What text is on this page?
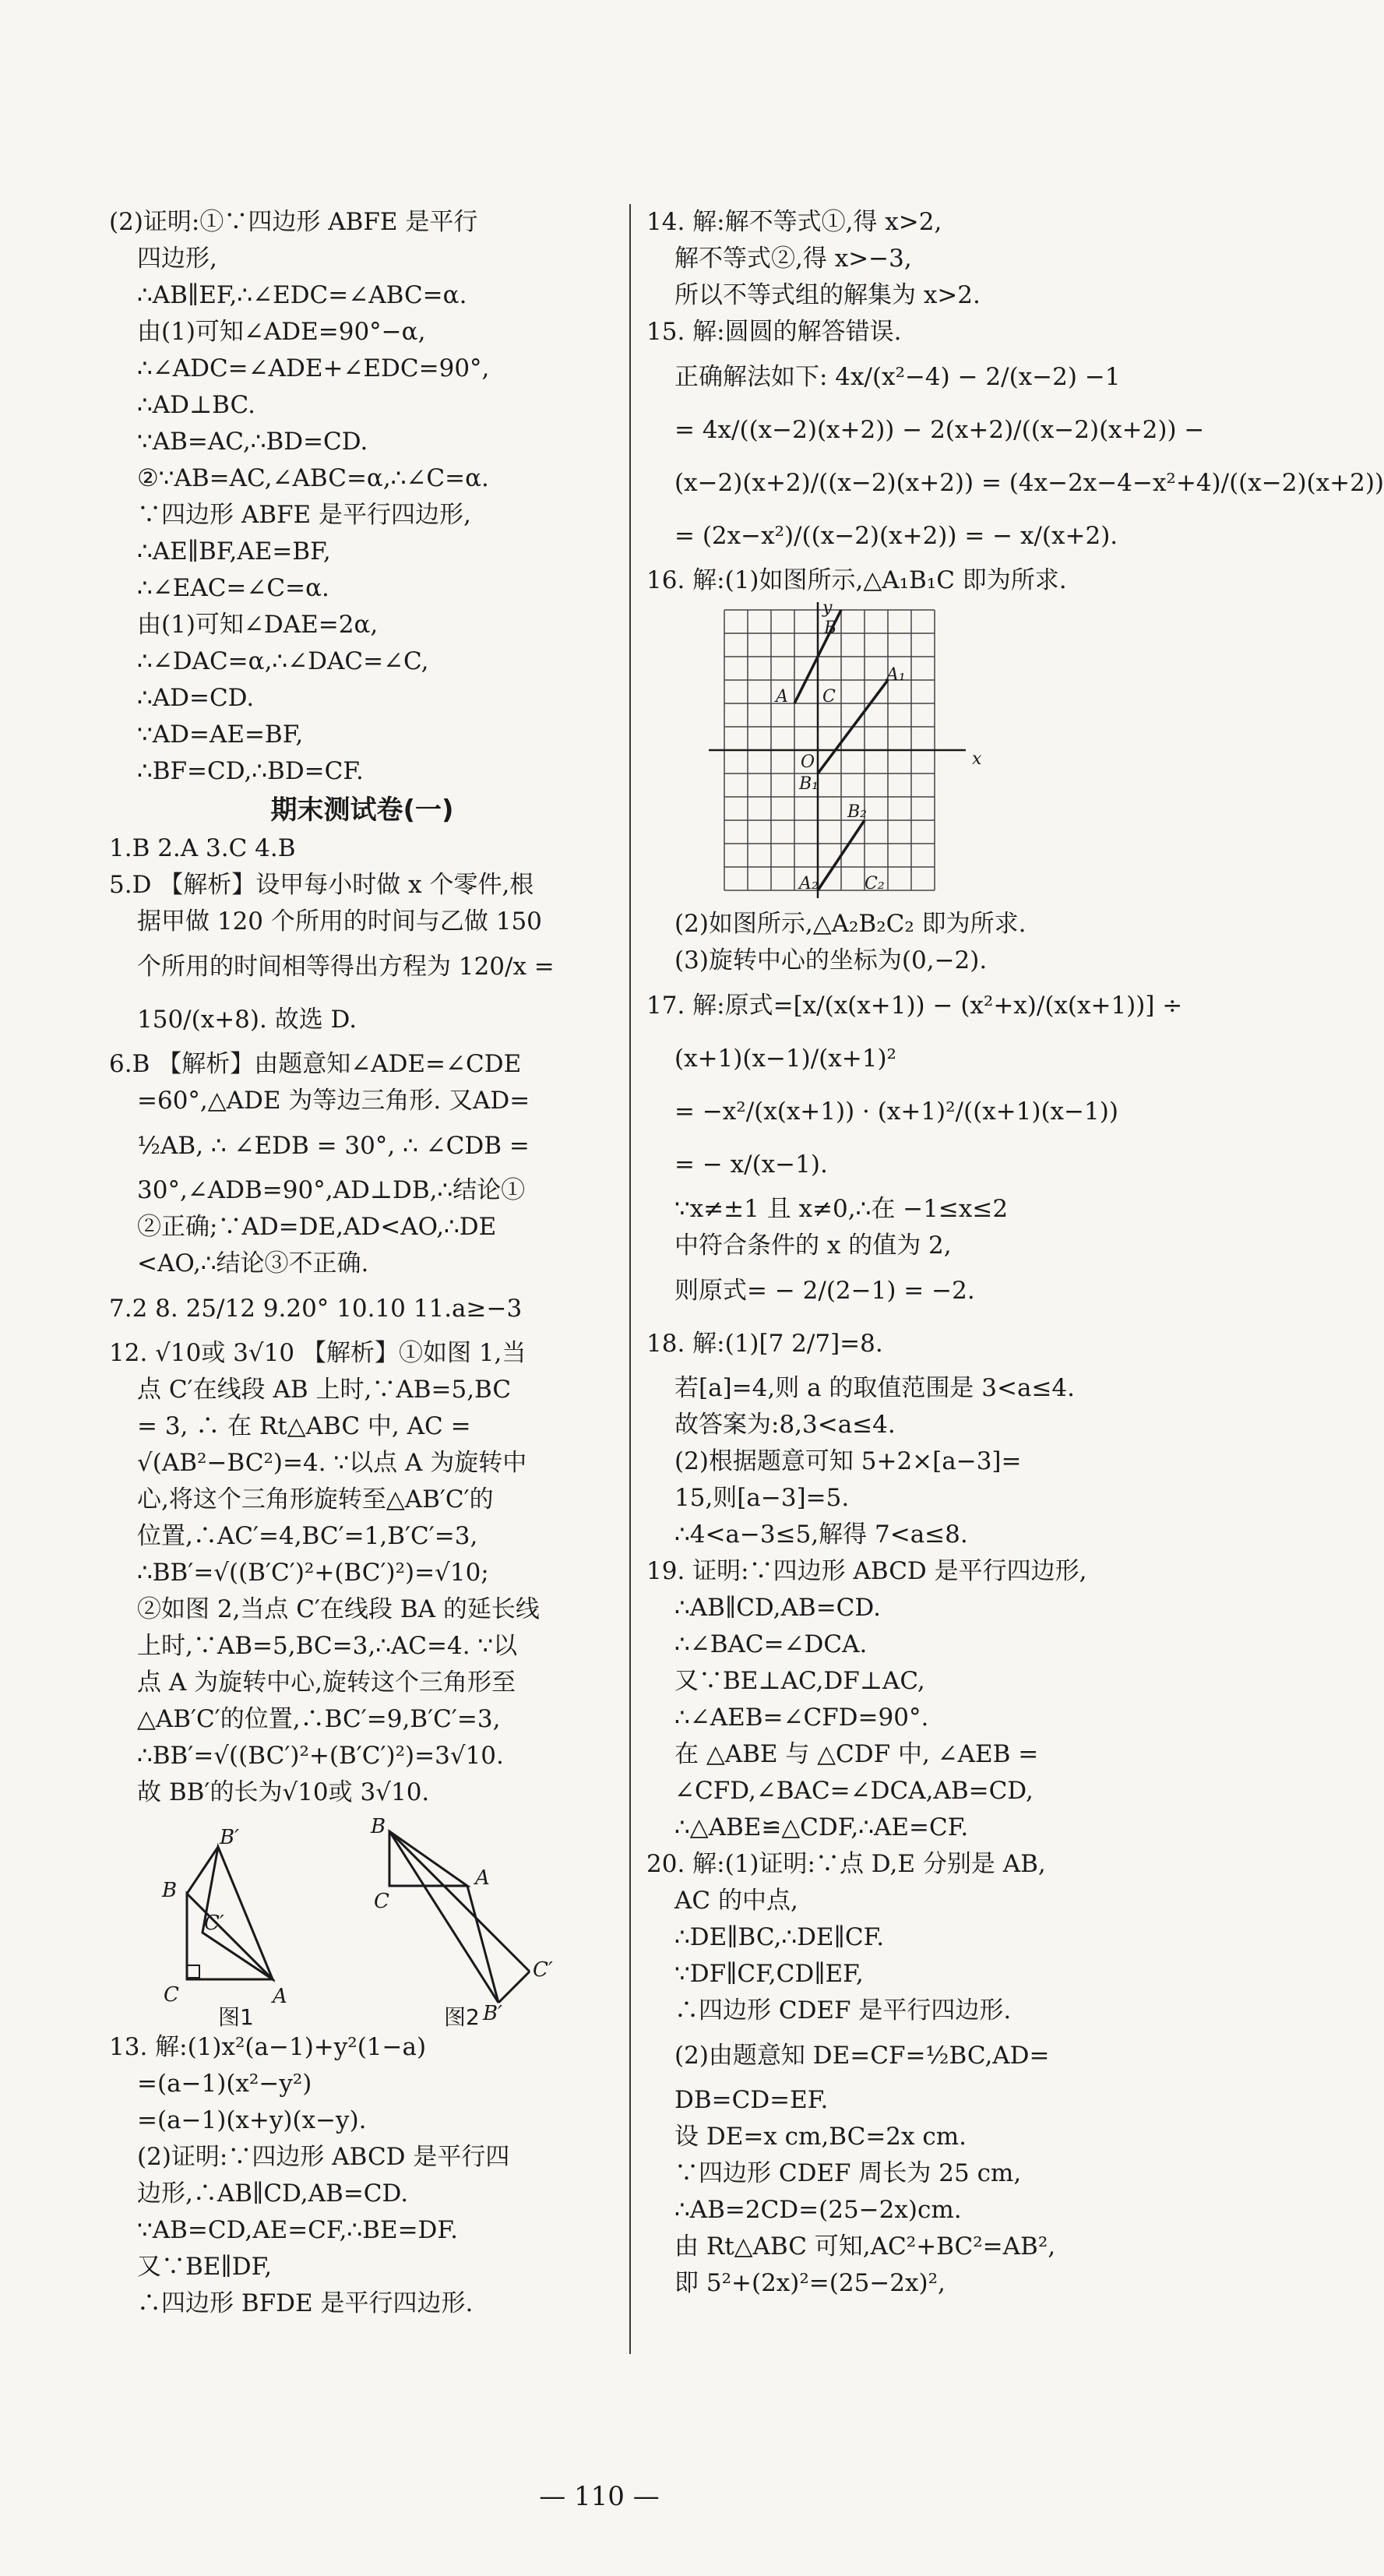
(2)证明:①∵四边形 ABFE 是平行
四边形,
∴AB∥EF,∴∠EDC=∠ABC=α.
由(1)可知∠ADE=90°−α,
∴∠ADC=∠ADE+∠EDC=90°,
∴AD⊥BC.
∵AB=AC,∴BD=CD.
②∵AB=AC,∠ABC=α,∴∠C=α.
∵四边形 ABFE 是平行四边形,
∴AE∥BF,AE=BF,
∴∠EAC=∠C=α.
由(1)可知∠DAE=2α,
∴∠DAC=α,∴∠DAC=∠C,
∴AD=CD.
∵AD=AE=BF,
∴BF=CD,∴BD=CF.
期末测试卷(一)
1.B 2.A 3.C 4.B
5.D 【解析】设甲每小时做 x 个零件,根
据甲做 120 个所用的时间与乙做 150
个所用的时间相等得出方程为 120/x =
150/(x+8). 故选 D.
6.B 【解析】由题意知∠ADE=∠CDE
=60°,△ADE 为等边三角形. 又AD=
½AB, ∴ ∠EDB = 30°, ∴ ∠CDB =
30°,∠ADB=90°,AD⊥DB,∴结论①
②正确;∵AD=DE,AD<AO,∴DE
<AO,∴结论③不正确.
7.2 8. 25/12 9.20° 10.10 11.a≥−3
12. √10或 3√10 【解析】①如图 1,当
点 C′在线段 AB 上时,∵AB=5,BC
= 3, ∴ 在 Rt△ABC 中, AC =
√(AB²−BC²)=4. ∵以点 A 为旋转中
心,将这个三角形旋转至△AB′C′的
位置,∴AC′=4,BC′=1,B′C′=3,
∴BB′=√((B′C′)²+(BC′)²)=√10;
②如图 2,当点 C′在线段 BA 的延长线
上时,∵AB=5,BC=3,∴AC=4. ∵以
点 A 为旋转中心,旋转这个三角形至
△AB′C′的位置,∴BC′=9,B′C′=3,
∴BB′=√((BC′)²+(B′C′)²)=3√10.
故 BB′的长为√10或 3√10.
B
B′
C′
C	A
图1
B
C
A
C′
B′
图2
13. 解:(1)x²(a−1)+y²(1−a)
=(a−1)(x²−y²)
=(a−1)(x+y)(x−y).
(2)证明:∵四边形 ABCD 是平行四
边形,∴AB∥CD,AB=CD.
∵AB=CD,AE=CF,∴BE=DF.
又∵BE∥DF,
∴四边形 BFDE 是平行四边形.
14. 解:解不等式①,得 x>2,
解不等式②,得 x>−3,
所以不等式组的解集为 x>2.
15. 解:圆圆的解答错误.
正确解法如下: 4x/(x²−4) − 2/(x−2) −1
= 4x/((x−2)(x+2)) − 2(x+2)/((x−2)(x+2)) −
(x−2)(x+2)/((x−2)(x+2)) = (4x−2x−4−x²+4)/((x−2)(x+2))
= (2x−x²)/((x−2)(x+2)) = − x/(x+2).
16. 解:(1)如图所示,△A₁B₁C 即为所求.
y
x
O
B
A C
A₁
B₁
B₂
A₂	C₂
(2)如图所示,△A₂B₂C₂ 即为所求.
(3)旋转中心的坐标为(0,−2).
17. 解:原式=[x/(x(x+1)) − (x²+x)/(x(x+1))] ÷
(x+1)(x−1)/(x+1)²
= −x²/(x(x+1)) · (x+1)²/((x+1)(x−1))
= − x/(x−1).
∵x≠±1 且 x≠0,∴在 −1≤x≤2
中符合条件的 x 的值为 2,
则原式= − 2/(2−1) = −2.
18. 解:(1)[7 2/7]=8.
若[a]=4,则 a 的取值范围是 3<a≤4.
故答案为:8,3<a≤4.
(2)根据题意可知 5+2×[a−3]=
15,则[a−3]=5.
∴4<a−3≤5,解得 7<a≤8.
19. 证明:∵四边形 ABCD 是平行四边形,
∴AB∥CD,AB=CD.
∴∠BAC=∠DCA.
又∵BE⊥AC,DF⊥AC,
∴∠AEB=∠CFD=90°.
在 △ABE 与 △CDF 中, ∠AEB =
∠CFD,∠BAC=∠DCA,AB=CD,
∴△ABE≌△CDF,∴AE=CF.
20. 解:(1)证明:∵点 D,E 分别是 AB,
AC 的中点,
∴DE∥BC,∴DE∥CF.
∵DF∥CF,CD∥EF,
∴四边形 CDEF 是平行四边形.
(2)由题意知 DE=CF=½BC,AD=
DB=CD=EF.
设 DE=x cm,BC=2x cm.
∵四边形 CDEF 周长为 25 cm,
∴AB=2CD=(25−2x)cm.
由 Rt△ABC 可知,AC²+BC²=AB²,
即 5²+(2x)²=(25−2x)²,
— 110 —
